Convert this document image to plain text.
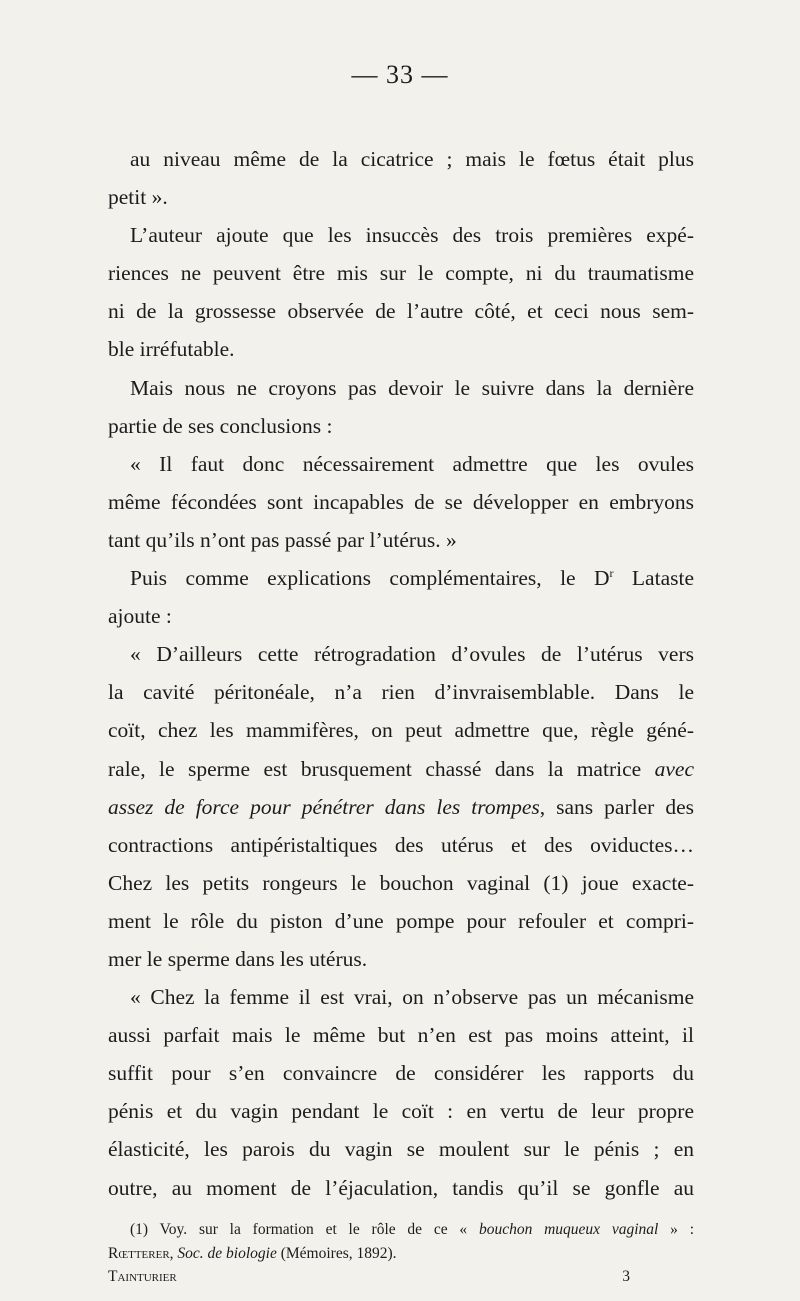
— 33 —
au niveau même de la cicatrice ; mais le fœtus était plus
petit ».
L’auteur ajoute que les insuccès des trois premières expé-
riences ne peuvent être mis sur le compte, ni du traumatisme
ni de la grossesse observée de l’autre côté, et ceci nous sem-
ble irréfutable.
Mais nous ne croyons pas devoir le suivre dans la dernière
partie de ses conclusions :
« Il faut donc nécessairement admettre que les ovules
même fécondées sont incapables de se développer en embryons
tant qu’ils n’ont pas passé par l’utérus. »
Puis comme explications complémentaires, le $D^r$ Lataste
ajoute :
« D’ailleurs cette rétrogradation d’ovules de l’utérus vers
la cavité péritonéale, n’a rien d’invraisemblable. Dans le
coït, chez les mammifères, on peut admettre que, règle géné-
rale, le sperme est brusquement chassé dans la matrice avec
assez de force pour pénétrer dans les trompes, sans parler des
contractions antipéristaltiques des utérus et des oviductes…
Chez les petits rongeurs le bouchon vaginal (1) joue exacte-
ment le rôle du piston d’une pompe pour refouler et compri-
mer le sperme dans les utérus.
« Chez la femme il est vrai, on n’observe pas un mécanisme
aussi parfait mais le même but n’en est pas moins atteint, il
suffit pour s’en convaincre de considérer les rapports du
pénis et du vagin pendant le coït : en vertu de leur propre
élasticité, les parois du vagin se moulent sur le pénis ; en
outre, au moment de l’éjaculation, tandis qu’il se gonfle au
(1) Voy. sur la formation et le rôle de ce « bouchon muqueux vaginal » :
Rœtterer, Soc. de biologie (Mémoires, 1892).
Tainturier	3
